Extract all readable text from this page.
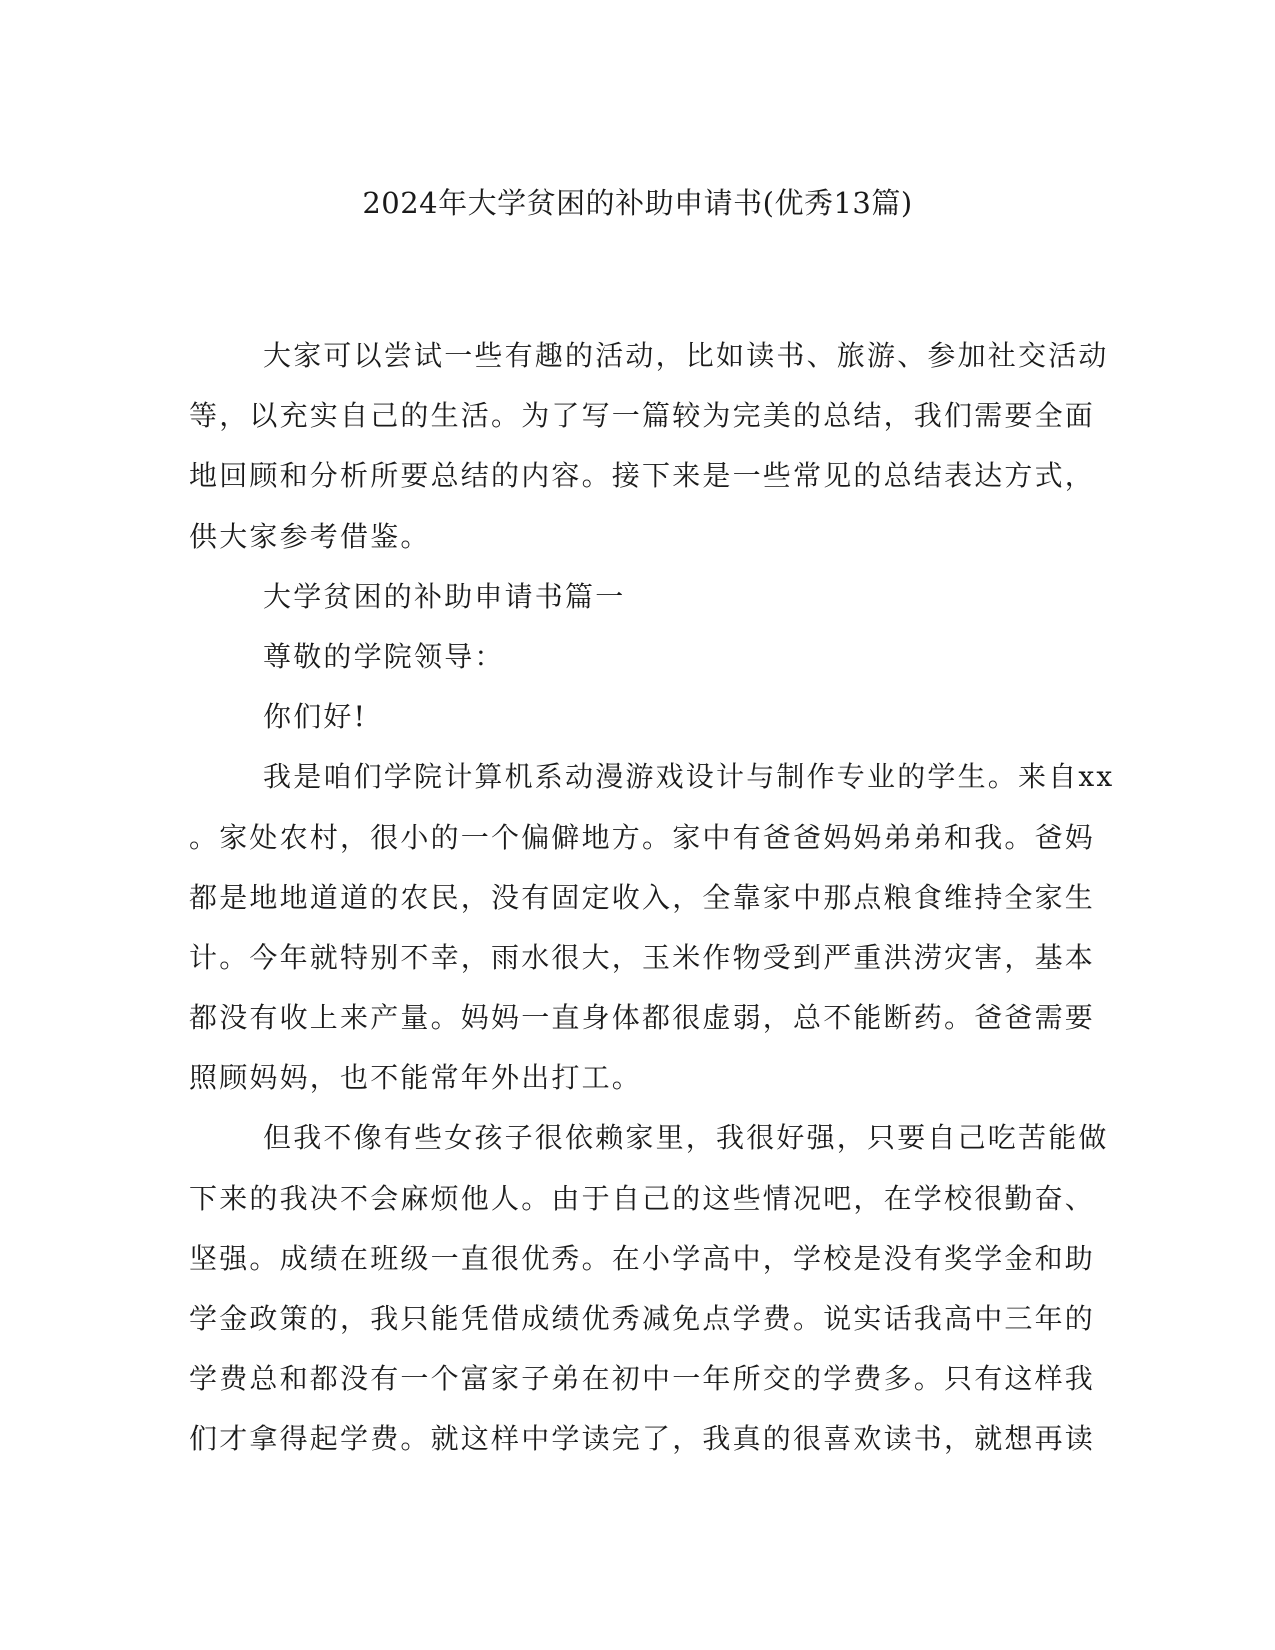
2024年大学贫困的补助申请书(优秀13篇)
大家可以尝试一些有趣的活动，比如读书、旅游、参加社交活动
等，以充实自己的生活。为了写一篇较为完美的总结，我们需要全面
地回顾和分析所要总结的内容。接下来是一些常见的总结表达方式，
供大家参考借鉴。
大学贫困的补助申请书篇一
尊敬的学院领导：
你们好!
我是咱们学院计算机系动漫游戏设计与制作专业的学生。来自xx
。家处农村，很小的一个偏僻地方。家中有爸爸妈妈弟弟和我。爸妈
都是地地道道的农民，没有固定收入，全靠家中那点粮食维持全家生
计。今年就特别不幸，雨水很大，玉米作物受到严重洪涝灾害，基本
都没有收上来产量。妈妈一直身体都很虚弱，总不能断药。爸爸需要
照顾妈妈，也不能常年外出打工。
但我不像有些女孩子很依赖家里，我很好强，只要自己吃苦能做
下来的我决不会麻烦他人。由于自己的这些情况吧，在学校很勤奋、
坚强。成绩在班级一直很优秀。在小学高中，学校是没有奖学金和助
学金政策的，我只能凭借成绩优秀减免点学费。说实话我高中三年的
学费总和都没有一个富家子弟在初中一年所交的学费多。只有这样我
们才拿得起学费。就这样中学读完了，我真的很喜欢读书，就想再读
